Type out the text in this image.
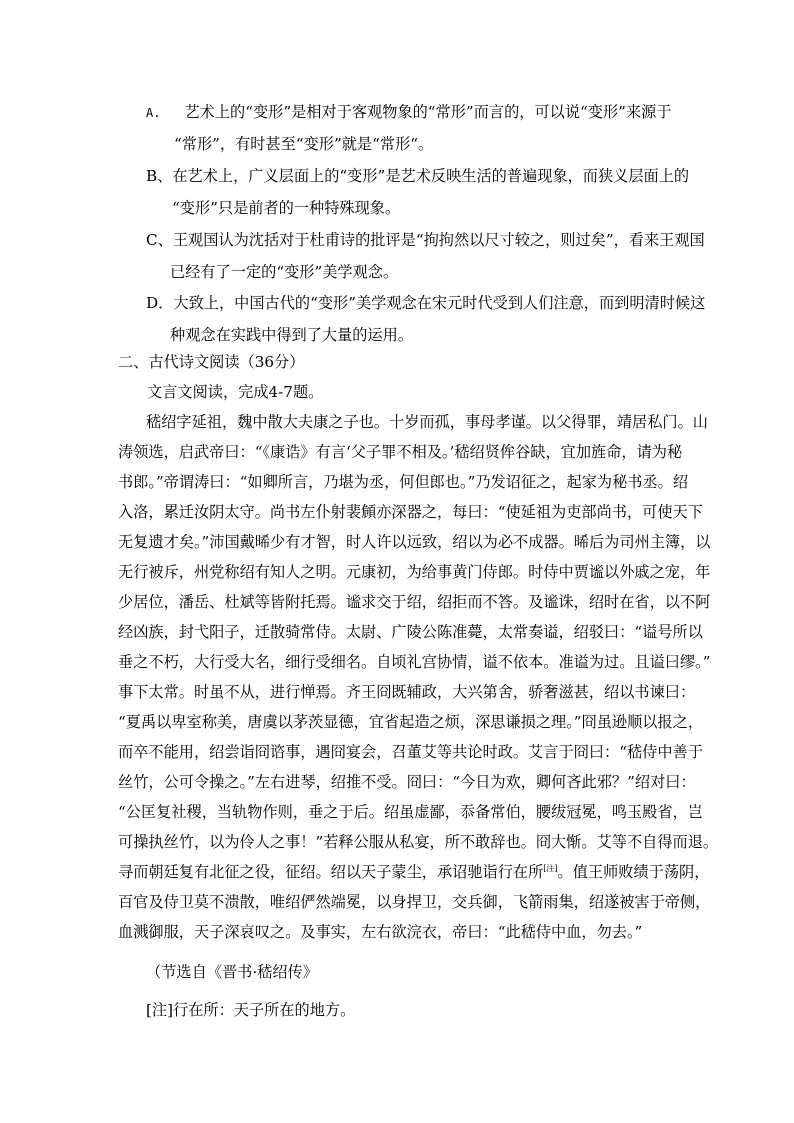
A. 艺术上的“变形”是相对于客观物象的“常形”而言的，可以说“变形”来源于
“常形”，有时甚至“变形”就是“常形“。
B、在艺术上，广义层面上的“变形”是艺术反映生活的普遍现象，而狭义层面上的
“变形”只是前者的一种特殊现象。
C、王观国认为沈括对于杜甫诗的批评是“拘拘然以尺寸较之，则过矣”，看来王观国
已经有了一定的“变形”美学观念。
D．大致上，中国古代的“变形”美学观念在宋元时代受到人们注意，而到明清时候这
种观念在实践中得到了大量的运用。
二、古代诗文阅读（36分）
文言文阅读，完成4-7题。
嵇绍字延祖，魏中散大夫康之子也。十岁而孤，事母孝谨。以父得罪，靖居私门。山
涛领选，启武帝曰：“《康诰》有言‘父子罪不相及。’嵇绍贤侔谷缺，宜加旌命，请为秘
书郎。”帝谓涛曰：“如卿所言，乃堪为丞，何但郎也。”乃发诏征之，起家为秘书丞。绍
入洛，累迁汝阴太守。尚书左仆射裴頠亦深器之，每曰：“使延祖为吏部尚书，可使天下
无复遗才矣。”沛国戴晞少有才智，时人许以远致，绍以为必不成器。晞后为司州主簿，以
无行被斥，州党称绍有知人之明。元康初，为给事黄门侍郎。时侍中贾谧以外戚之宠，年
少居位，潘岳、杜斌等皆附托焉。谧求交于绍，绍拒而不答。及谧诛，绍时在省，以不阿
经凶族，封弋阳子，迁散骑常侍。太尉、广陵公陈准薨，太常奏谥，绍驳曰：“谥号所以
垂之不朽，大行受大名，细行受细名。自顷礼宫协情，谥不依本。准谥为过。且谥曰缪。”
事下太常。时虽不从，进行惮焉。齐王冏既辅政，大兴第舍，骄奢滋甚，绍以书谏曰：
“夏禹以卑室称美，唐虞以茅茨显德，宜省起造之烦，深思谦损之理。”冏虽逊顺以报之，
而卒不能用，绍尝诣冏谘事，遇冏宴会，召董艾等共论时政。艾言于冏曰：“嵇侍中善于
丝竹，公可令操之。”左右进琴，绍推不受。冏曰：“今日为欢，卿何吝此邪？”绍对曰：
“公匡复社稷，当轨物作则，垂之于后。绍虽虚鄙，忝备常伯，腰绂冠冕，鸣玉殿省，岂
可操执丝竹，以为伶人之事！”若释公服从私宴，所不敢辞也。冏大惭。艾等不自得而退。
寻而朝廷复有北征之役，征绍。绍以天子蒙尘，承诏驰诣行在所[注]。值王师败绩于荡阴，
百官及侍卫莫不溃散，唯绍俨然端冕，以身捍卫，交兵御，飞箭雨集，绍遂被害于帝侧，
血溅御服，天子深哀叹之。及事实，左右欲浣衣，帝曰：“此嵇侍中血，勿去。”
（节选自《晋书·嵇绍传》
[注]行在所：天子所在的地方。
